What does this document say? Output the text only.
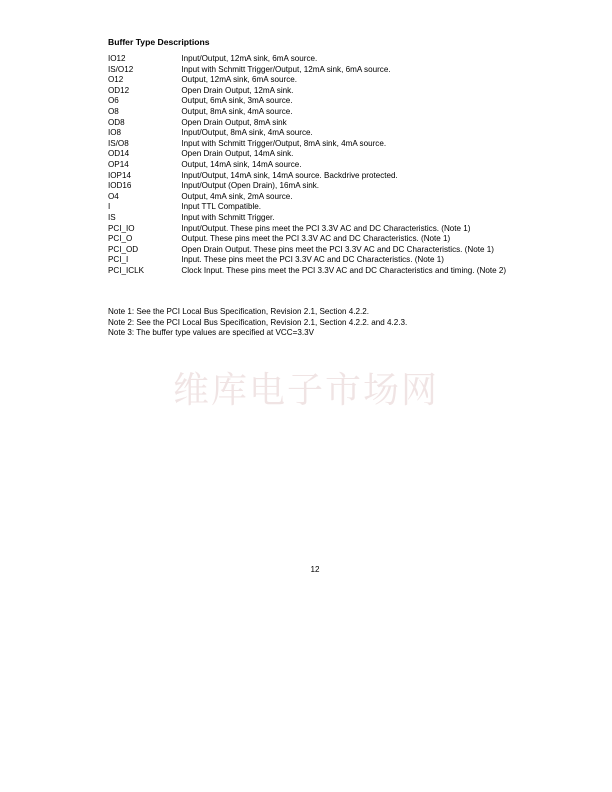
Buffer Type Descriptions
IO12	Input/Output, 12mA sink, 6mA source.
IS/O12	Input with Schmitt Trigger/Output, 12mA sink, 6mA source.
O12	Output, 12mA sink, 6mA source.
OD12	Open Drain Output, 12mA sink.
O6	Output, 6mA sink, 3mA source.
O8	Output, 8mA sink, 4mA source.
OD8	Open Drain Output, 8mA sink
IO8	Input/Output, 8mA sink, 4mA source.
IS/O8	Input with Schmitt Trigger/Output, 8mA sink, 4mA source.
OD14	Open Drain Output, 14mA sink.
OP14	Output, 14mA sink, 14mA source.
IOP14	Input/Output, 14mA sink, 14mA source. Backdrive protected.
IOD16	Input/Output (Open Drain), 16mA sink.
O4	Output, 4mA sink, 2mA source.
I	Input TTL Compatible.
IS	Input with Schmitt Trigger.
PCI_IO	Input/Output. These pins meet the PCI 3.3V AC and DC Characteristics. (Note 1)
PCI_O	Output. These pins meet the PCI 3.3V AC and DC Characteristics. (Note 1)
PCI_OD	Open Drain Output. These pins meet the PCI 3.3V AC and DC Characteristics. (Note 1)
PCI_I	Input. These pins meet the PCI 3.3V AC and DC Characteristics. (Note 1)
PCI_ICLK	Clock Input. These pins meet the PCI 3.3V AC and DC Characteristics and timing. (Note 2)
Note 1: See the PCI Local Bus Specification, Revision 2.1, Section 4.2.2.
Note 2: See the PCI Local Bus Specification, Revision 2.1, Section 4.2.2. and 4.2.3.
Note 3: The buffer type values are specified at VCC=3.3V
维库电子市场网
12
